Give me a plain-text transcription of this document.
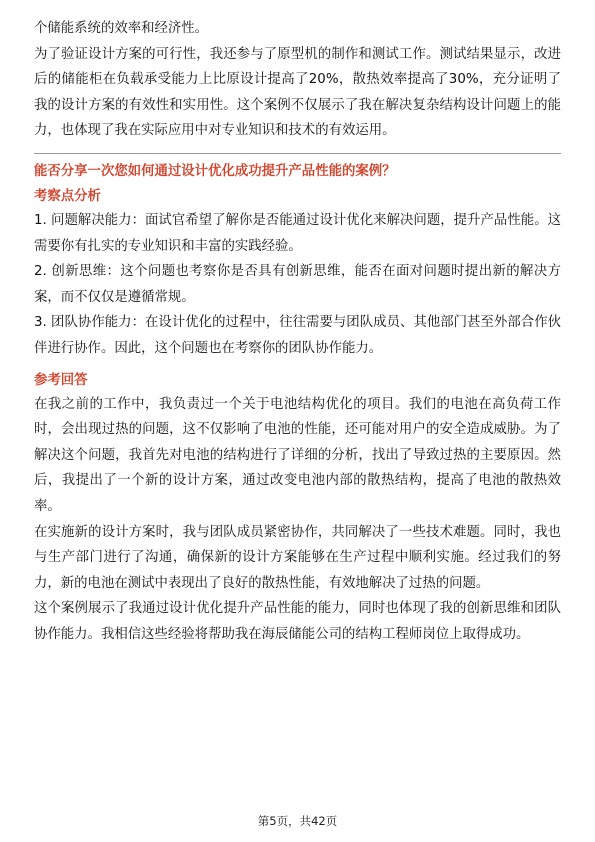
个储能系统的效率和经济性。

为了验证设计方案的可行性，我还参与了原型机的制作和测试工作。测试结果显示，改进后的储能柜在负载承受能力上比原设计提高了20%，散热效率提高了30%，充分证明了我的设计方案的有效性和实用性。这个案例不仅展示了我在解决复杂结构设计问题上的能力，也体现了我在实际应用中对专业知识和技术的有效运用。

能否分享一次您如何通过设计优化成功提升产品性能的案例？

考察点分析

1. 问题解决能力：面试官希望了解你是否能通过设计优化来解决问题，提升产品性能。这需要你有扎实的专业知识和丰富的实践经验。

2. 创新思维：这个问题也考察你是否具有创新思维，能否在面对问题时提出新的解决方案，而不仅仅是遵循常规。

3. 团队协作能力：在设计优化的过程中，往往需要与团队成员、其他部门甚至外部合作伙伴进行协作。因此，这个问题也在考察你的团队协作能力。

参考回答

在我之前的工作中，我负责过一个关于电池结构优化的项目。我们的电池在高负荷工作时，会出现过热的问题，这不仅影响了电池的性能，还可能对用户的安全造成威胁。为了解决这个问题，我首先对电池的结构进行了详细的分析，找出了导致过热的主要原因。然后，我提出了一个新的设计方案，通过改变电池内部的散热结构，提高了电池的散热效率。

在实施新的设计方案时，我与团队成员紧密协作，共同解决了一些技术难题。同时，我也与生产部门进行了沟通，确保新的设计方案能够在生产过程中顺利实施。经过我们的努力，新的电池在测试中表现出了良好的散热性能，有效地解决了过热的问题。

这个案例展示了我通过设计优化提升产品性能的能力，同时也体现了我的创新思维和团队协作能力。我相信这些经验将帮助我在海辰储能公司的结构工程师岗位上取得成功。

第5页，共42页
